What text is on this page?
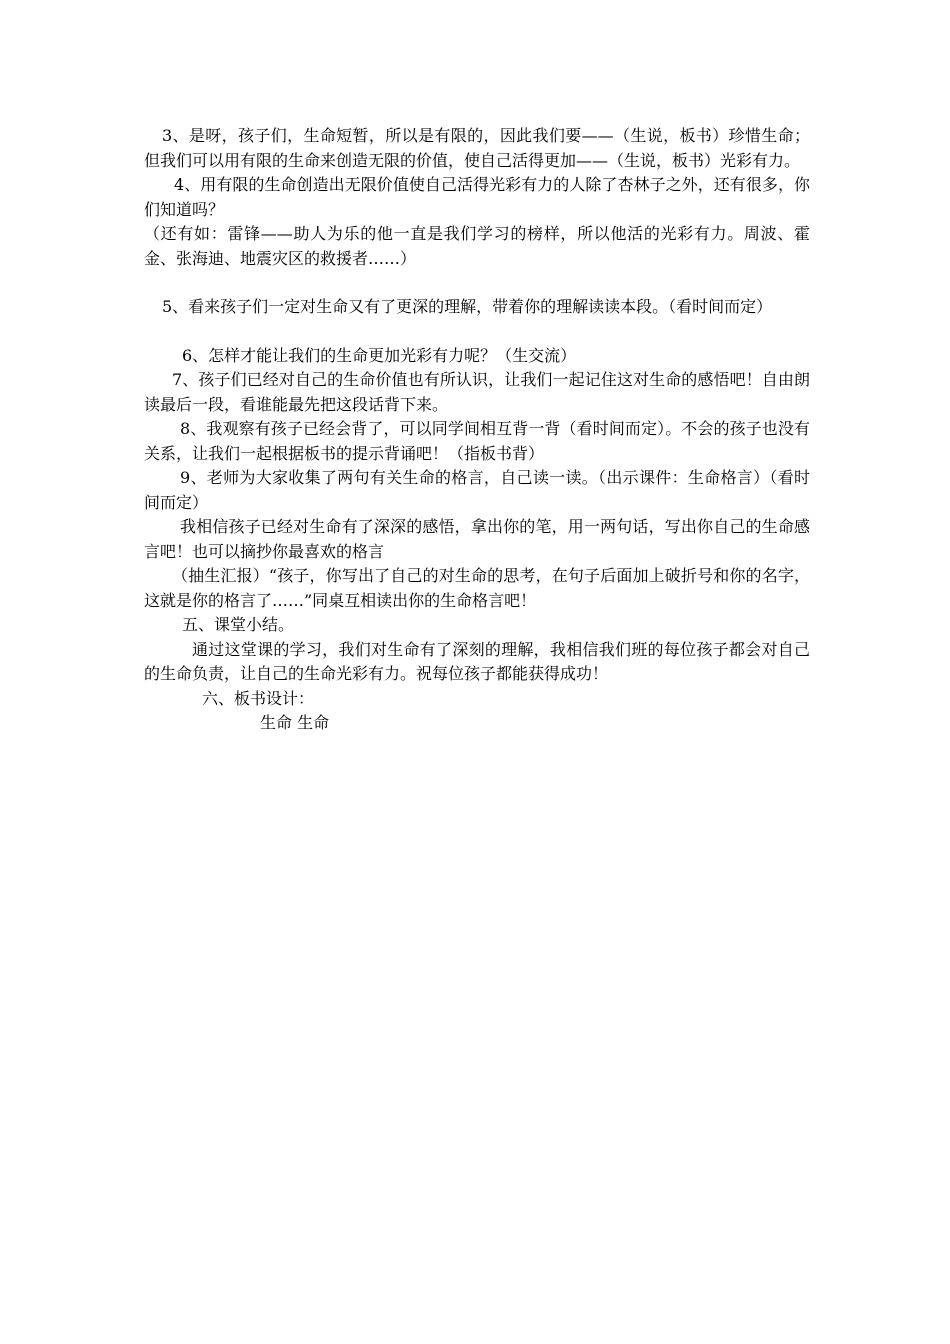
3、是呀，孩子们，生命短暂，所以是有限的，因此我们要——（生说，板书）珍惜生命；但我们可以用有限的生命来创造无限的价值，使自己活得更加——（生说，板书）光彩有力。

4、用有限的生命创造出无限价值使自己活得光彩有力的人除了杏林子之外，还有很多，你们知道吗？

（还有如：雷锋——助人为乐的他一直是我们学习的榜样，所以他活的光彩有力。周波、霍金、张海迪、地震灾区的救援者……）

5、看来孩子们一定对生命又有了更深的理解，带着你的理解读读本段。（看时间而定）

6、怎样才能让我们的生命更加光彩有力呢？（生交流）

7、孩子们已经对自己的生命价值也有所认识，让我们一起记住这对生命的感悟吧！自由朗读最后一段，看谁能最先把这段话背下来。

8、我观察有孩子已经会背了，可以同学间相互背一背（看时间而定）。不会的孩子也没有关系，让我们一起根据板书的提示背诵吧！（指板书背）

9、老师为大家收集了两句有关生命的格言，自己读一读。（出示课件：生命格言）（看时间而定）

我相信孩子已经对生命有了深深的感悟，拿出你的笔，用一两句话，写出你自己的生命感言吧！也可以摘抄你最喜欢的格言

（抽生汇报）“孩子，你写出了自己的对生命的思考，在句子后面加上破折号和你的名字，这就是你的格言了……”同桌互相读出你的生命格言吧！

五、课堂小结。

通过这堂课的学习，我们对生命有了深刻的理解，我相信我们班的每位孩子都会对自己的生命负责，让自己的生命光彩有力。祝每位孩子都能获得成功！

六、板书设计：

生命 生命
